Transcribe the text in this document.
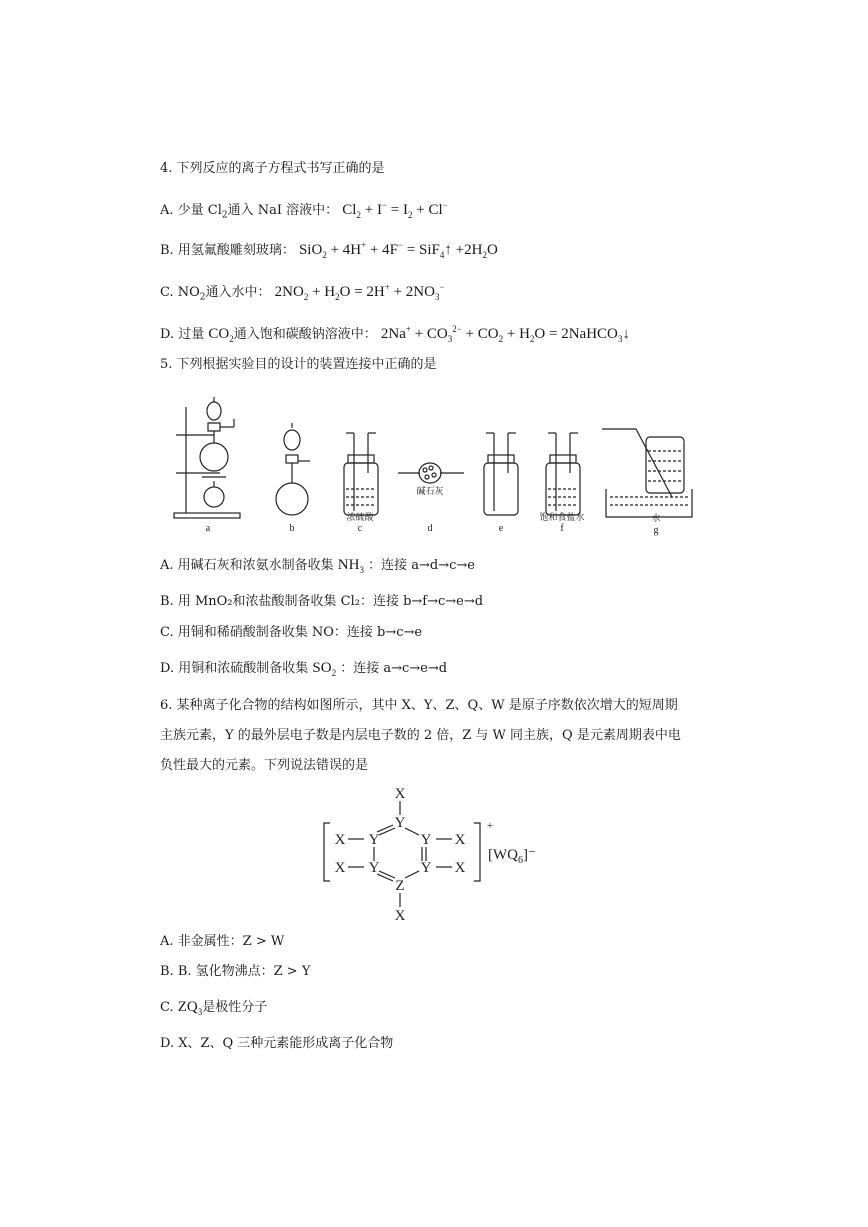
4. 下列反应的离子方程式书写正确的是
A. 少量 $Cl_2$通入 NaI 溶液中： $Cl_2 + I^- = I_2 + Cl^-$
B. 用氢氟酸雕刻玻璃： SiO$_2$ + 4H+ + 4F− = SiF$_4$↑ $+2H_2O$
C. $NO_2$通入水中： $2NO_2 + H_2O = 2H^+ + 2NO_3^-$
D. 过量 $CO_2$通入饱和碳酸钠溶液中： $2Na^+ + CO_3^{2-} + CO_2 + H_2O$ = 2NaHCO$_3$↓
5. 下列根据实验目的设计的装置连接中正确的是
a	b	c
浓硫酸
d
碱石灰
e	f
饱和食盐水
g
水
A. 用碱石灰和浓氨水制备收集 $NH_3$ ：连接 a→d→c→e
B. 用 MnO₂和浓盐酸制备收集 Cl₂：连接 b→f→c→e→d
C. 用铜和稀硝酸制备收集 NO：连接 b→c→e
D. 用铜和浓硫酸制备收集 $SO_2$ ：连接 a→c→e→d
6. 某种离子化合物的结构如图所示，其中 X、Y、Z、Q、W 是原子序数依次增大的短周期
主族元素，Y 的最外层电子数是内层电子数的 2 倍，Z 与 W 同主族，Q 是元素周期表中电
负性最大的元素。下列说法错误的是
X
Y
X Y	Y X
X Y	Y X
Z
X
+
$[WQ_6]^-$
A. 非金属性：Z > W
B. B. 氢化物沸点：Z > Y
C. $ZQ_3$是极性分子
D. X、Z、Q 三种元素能形成离子化合物
